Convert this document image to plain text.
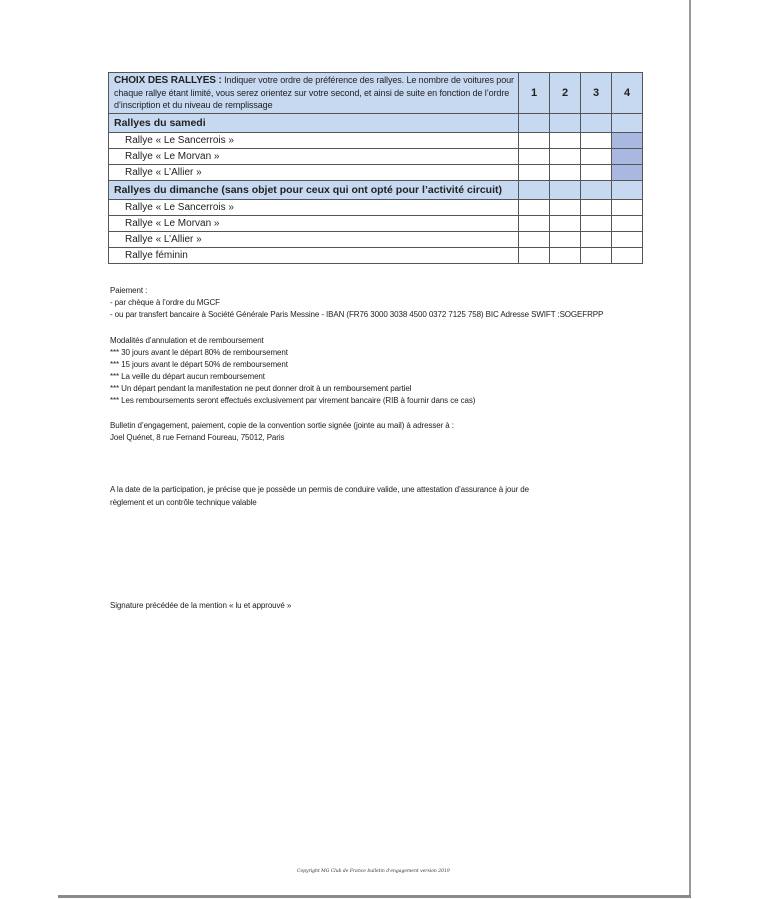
CHOIX DES RALLYES : Indiquer votre ordre de préférence des rallyes. Le nombre de voitures pour chaque rallye étant limité, vous serez orientez sur votre second, et ainsi de suite en fonction de l’ordre d’inscription et du niveau de remplissage	1	2	3	4
Rallyes du samedi				
Rallye « Le Sancerrois »				
Rallye « Le Morvan »				
Rallye « L’Allier »				
Rallyes du dimanche (sans objet pour ceux qui ont opté pour l’activité circuit)				
Rallye « Le Sancerrois »				
Rallye « Le Morvan »				
Rallye « L’Allier »				
Rallye féminin				
Paiement :
- par chèque à l’ordre du MGCF
- ou par transfert bancaire à Société Générale Paris Messine - IBAN (FR76 3000 3038 4500 0372 7125 758) BIC Adresse SWIFT :SOGEFRPP
Modalités d’annulation et de remboursement
*** 30 jours avant le départ 80% de remboursement
*** 15 jours avant le départ 50% de remboursement
*** La veille du départ aucun remboursement
*** Un départ pendant la manifestation ne peut donner droit à un remboursement partiel
*** Les remboursements seront effectués exclusivement par virement bancaire (RIB à fournir dans ce cas)
Bulletin d’engagement, paiement, copie de la convention sortie signée (jointe au mail) à adresser à :
Joel Quénet, 8 rue Fernand Foureau, 75012, Paris
A la date de la participation, je précise que je possède un permis de conduire valide, une attestation d’assurance à jour de
règlement et un contrôle technique valable
Signature précédée de la mention « lu et approuvé »
Copyright MG Club de France bulletin d'engagement version 2019
